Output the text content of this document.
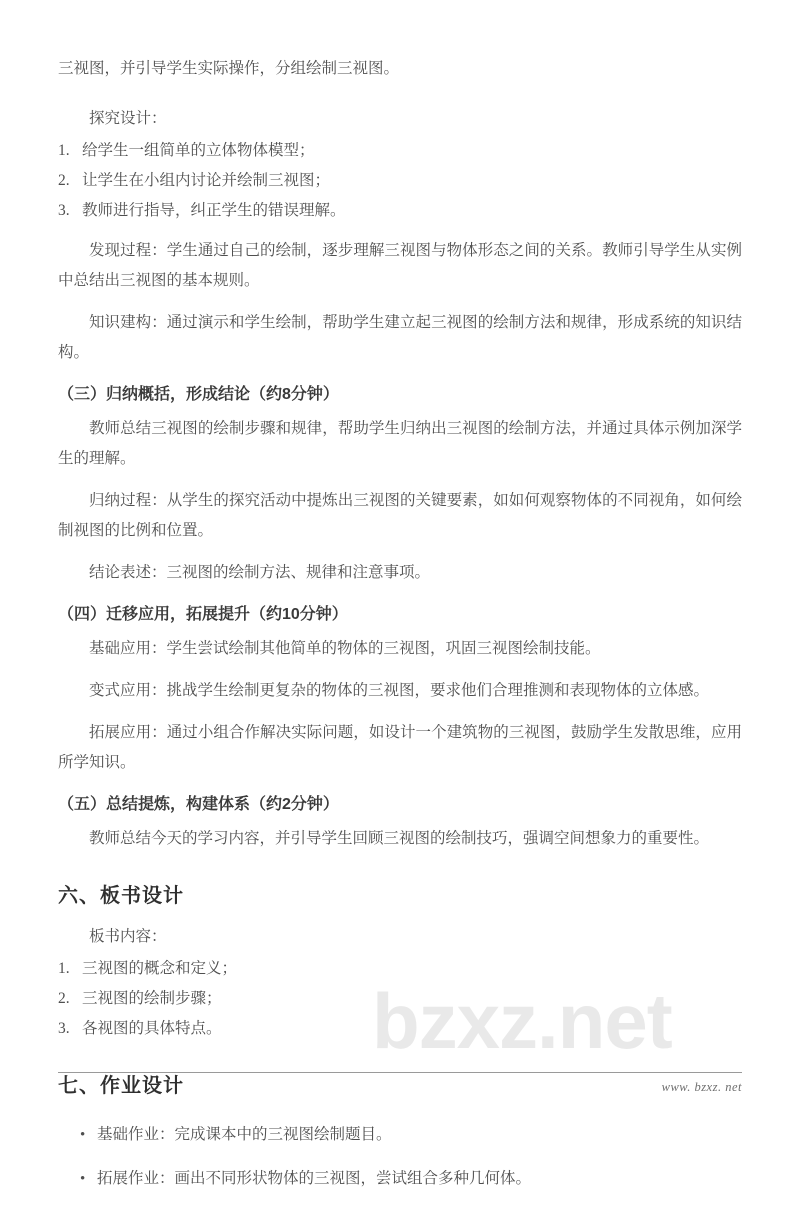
bzxz.net

三视图，并引导学生实际操作，分组绘制三视图。

探究设计：

给学生一组简单的立体物体模型；
让学生在小组内讨论并绘制三视图；
教师进行指导，纠正学生的错误理解。

发现过程：学生通过自己的绘制，逐步理解三视图与物体形态之间的关系。教师引导学生从实例中总结出三视图的基本规则。

知识建构：通过演示和学生绘制，帮助学生建立起三视图的绘制方法和规律，形成系统的知识结构。

（三）归纳概括，形成结论（约8分钟）

教师总结三视图的绘制步骤和规律，帮助学生归纳出三视图的绘制方法，并通过具体示例加深学生的理解。

归纳过程：从学生的探究活动中提炼出三视图的关键要素，如如何观察物体的不同视角，如何绘制视图的比例和位置。

结论表述：三视图的绘制方法、规律和注意事项。

（四）迁移应用，拓展提升（约10分钟）

基础应用：学生尝试绘制其他简单的物体的三视图，巩固三视图绘制技能。

变式应用：挑战学生绘制更复杂的物体的三视图，要求他们合理推测和表现物体的立体感。

拓展应用：通过小组合作解决实际问题，如设计一个建筑物的三视图，鼓励学生发散思维，应用所学知识。

（五）总结提炼，构建体系（约2分钟）

教师总结今天的学习内容，并引导学生回顾三视图的绘制技巧，强调空间想象力的重要性。

六、板书设计

板书内容：

三视图的概念和定义；
三视图的绘制步骤；
各视图的具体特点。
七、作业设计
• 基础作业：完成课本中的三视图绘制题目。
• 拓展作业：画出不同形状物体的三视图，尝试组合多种几何体。
www. bzxz. net
